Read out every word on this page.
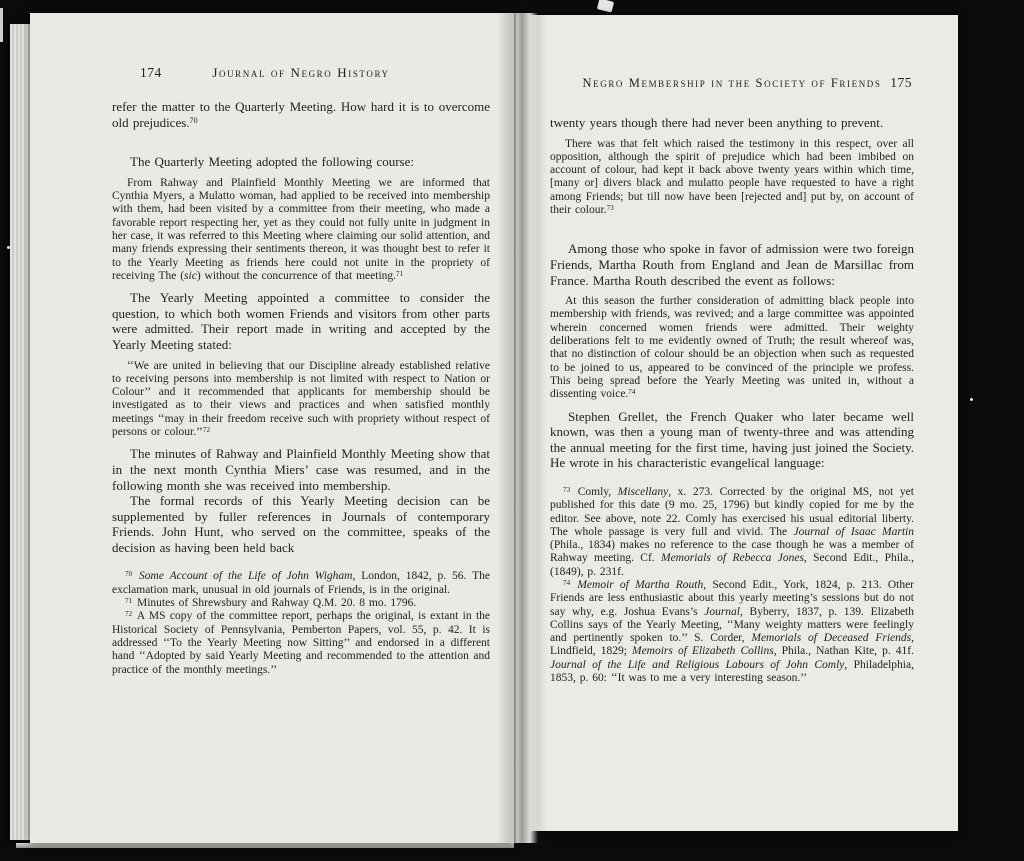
174	Journal of Negro History

refer the matter to the Quarterly Meeting. How hard it is to overcome old prejudices.$^{70}$

The Quarterly Meeting adopted the following course:

From Rahway and Plainfield Monthly Meeting we are informed that Cynthia Myers, a Mulatto woman, had applied to be received into membership with them, had been visited by a committee from their meeting, who made a favorable report respecting her, yet as they could not fully unite in judgment in her case, it was referred to this Meeting where claiming our solid attention, and many friends expressing their sentiments thereon, it was thought best to refer it to the Yearly Meeting as friends here could not unite in the propriety of receiving The (sic) without the concurrence of that meeting.$^{71}$

The Yearly Meeting appointed a committee to consider the question, to which both women Friends and visitors from other parts were admitted. Their report made in writing and accepted by the Yearly Meeting stated:

‘‘We are united in believing that our Discipline already established relative to receiving persons into membership is not limited with respect to Nation or Colour’’ and it recommended that applicants for membership should be investigated as to their views and practices and when satisfied monthly meetings ‘‘may in their freedom receive such with propriety without respect of persons or colour.’’$^{72}$

The minutes of Rahway and Plainfield Monthly Meeting show that in the next month Cynthia Miers’ case was resumed, and in the following month she was received into membership.

The formal records of this Yearly Meeting decision can be supplemented by fuller references in Journals of contemporary Friends. John Hunt, who served on the committee, speaks of the decision as having been held back

$^{70}$ Some Account of the Life of John Wigham, London, 1842, p. 56. The exclamation mark, unusual in old journals of Friends, is in the original.

$^{71}$ Minutes of Shrewsbury and Rahway Q.M. 20. 8 mo. 1796.

$^{72}$ A MS copy of the committee report, perhaps the original, is extant in the Historical Society of Pennsylvania, Pemberton Papers, vol. 55, p. 42. It is addressed ‘‘To the Yearly Meeting now Sitting’’ and endorsed in a different hand ‘‘Adopted by said Yearly Meeting and recommended to the attention and practice of the monthly meetings.’’

Negro Membership in the Society of Friends 175

twenty years though there had never been anything to prevent.

There was that felt which raised the testimony in this respect, over all opposition, although the spirit of prejudice which had been imbibed on account of colour, had kept it back above twenty years within which time, [many or] divers black and mulatto people have requested to have a right among Friends; but till now have been [rejected and] put by, on account of their colour.$^{73}$

Among those who spoke in favor of admission were two foreign Friends, Martha Routh from England and Jean de Marsillac from France. Martha Routh described the event as follows:

At this season the further consideration of admitting black people into membership with friends, was revived; and a large committee was appointed wherein concerned women friends were admitted. Their weighty deliberations felt to me evidently owned of Truth; the result whereof was, that no distinction of colour should be an objection when such as requested to be joined to us, appeared to be convinced of the principle we profess. This being spread before the Yearly Meeting was united in, without a dissenting voice.$^{74}$

Stephen Grellet, the French Quaker who later became well known, was then a young man of twenty-three and was attending the annual meeting for the first time, having just joined the Society. He wrote in his characteristic evangelical language:

$^{73}$ Comly, Miscellany, x. 273. Corrected by the original MS, not yet published for this date (9 mo. 25, 1796) but kindly copied for me by the editor. See above, note 22. Comly has exercised his usual editorial liberty. The whole passage is very full and vivid. The Journal of Isaac Martin (Phila., 1834) makes no reference to the case though he was a member of Rahway meeting. Cf. Memorials of Rebecca Jones, Second Edit., Phila., (1849), p. 231f.

$^{74}$ Memoir of Martha Routh, Second Edit., York, 1824, p. 213. Other Friends are less enthusiastic about this yearly meeting’s sessions but do not say why, e.g. Joshua Evans’s Journal, Byberry, 1837, p. 139. Elizabeth Collins says of the Yearly Meeting, ‘‘Many weighty matters were feelingly and pertinently spoken to.’’ S. Corder, Memorials of Deceased Friends, Lindfield, 1829; Memoirs of Elizabeth Collins, Phila., Nathan Kite, p. 41f. Journal of the Life and Religious Labours of John Comly, Philadelphia, 1853, p. 60: ‘‘It was to me a very interesting season.’’
